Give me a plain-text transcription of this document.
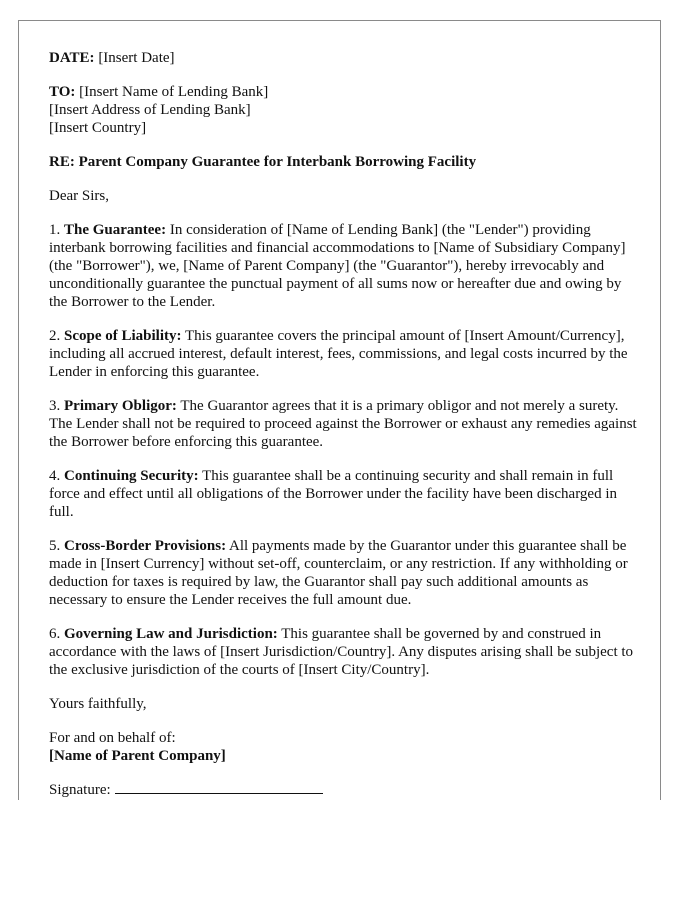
DATE: [Insert Date]

TO: [Insert Name of Lending Bank]
[Insert Address of Lending Bank]
[Insert Country]

RE: Parent Company Guarantee for Interbank Borrowing Facility

Dear Sirs,

1. The Guarantee: In consideration of [Name of Lending Bank] (the "Lender") providing interbank borrowing facilities and financial accommodations to [Name of Subsidiary Company] (the "Borrower"), we, [Name of Parent Company] (the "Guarantor"), hereby irrevocably and unconditionally guarantee the punctual payment of all sums now or hereafter due and owing by the Borrower to the Lender.

2. Scope of Liability: This guarantee covers the principal amount of [Insert Amount/Currency], including all accrued interest, default interest, fees, commissions, and legal costs incurred by the Lender in enforcing this guarantee.

3. Primary Obligor: The Guarantor agrees that it is a primary obligor and not merely a surety. The Lender shall not be required to proceed against the Borrower or exhaust any remedies against the Borrower before enforcing this guarantee.

4. Continuing Security: This guarantee shall be a continuing security and shall remain in full force and effect until all obligations of the Borrower under the facility have been discharged in full.

5. Cross-Border Provisions: All payments made by the Guarantor under this guarantee shall be made in [Insert Currency] without set-off, counterclaim, or any restriction. If any withholding or deduction for taxes is required by law, the Guarantor shall pay such additional amounts as necessary to ensure the Lender receives the full amount due.

6. Governing Law and Jurisdiction: This guarantee shall be governed by and construed in accordance with the laws of [Insert Jurisdiction/Country]. Any disputes arising shall be subject to the exclusive jurisdiction of the courts of [Insert City/Country].

Yours faithfully,

For and on behalf of:
[Name of Parent Company]

Signature:
